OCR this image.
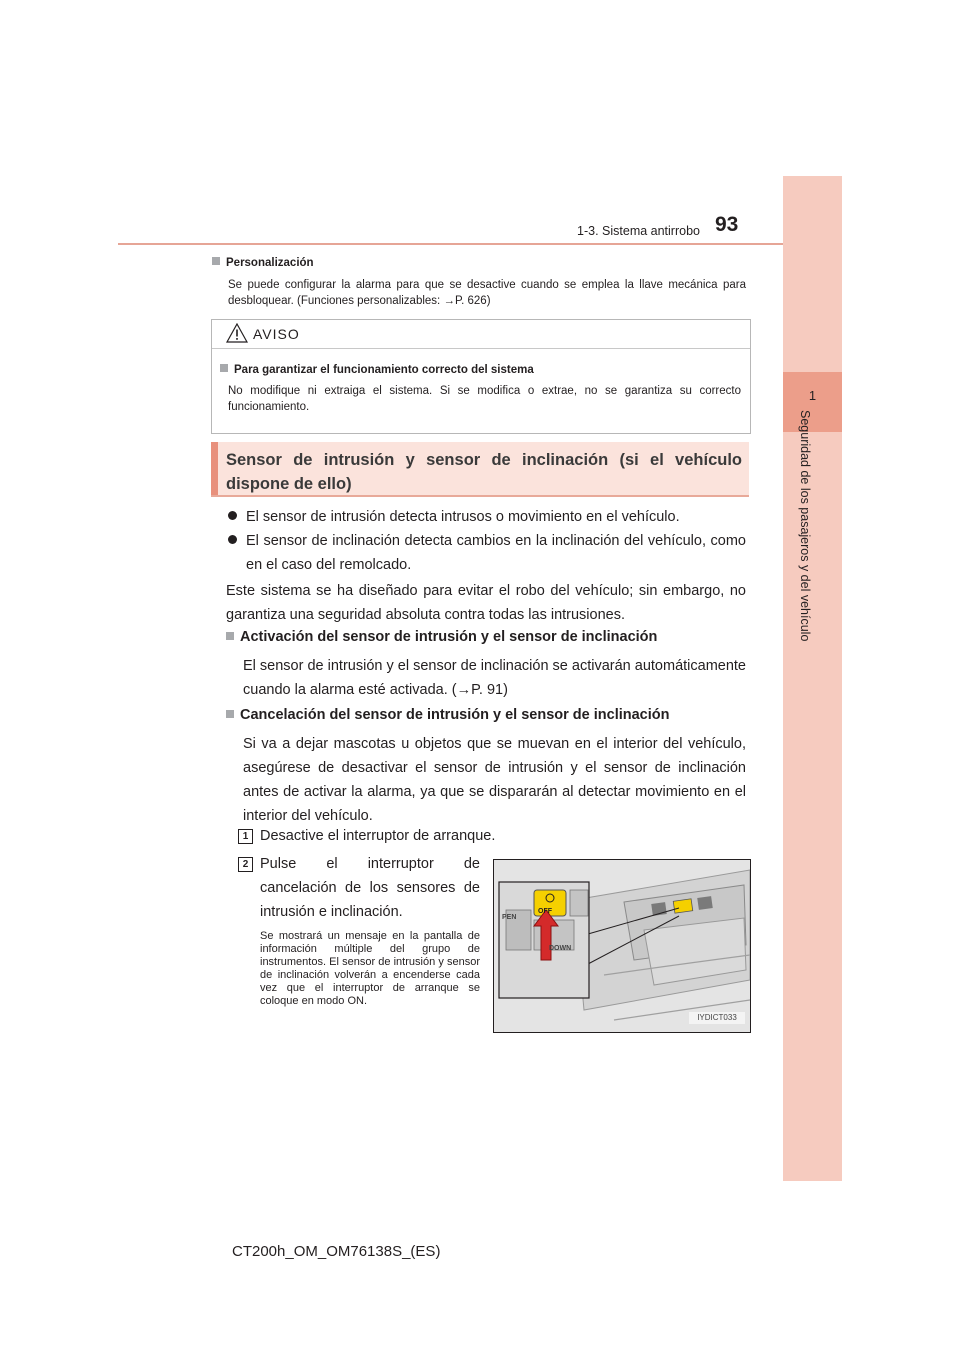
1-3. Sistema antirrobo 93
1
Seguridad de los pasajeros y del vehículo
Personalización
Se puede configurar la alarma para que se desactive cuando se emplea la llave mecánica para desbloquear. (Funciones personalizables: →P. 626)
AVISO
Para garantizar el funcionamiento correcto del sistema
No modifique ni extraiga el sistema. Si se modifica o extrae, no se garantiza su correcto funcionamiento.
Sensor de intrusión y sensor de inclinación (si el vehículo dispone de ello)
El sensor de intrusión detecta intrusos o movimiento en el vehículo.
El sensor de inclinación detecta cambios en la inclinación del vehículo, como en el caso del remolcado.
Este sistema se ha diseñado para evitar el robo del vehículo; sin embargo, no garantiza una seguridad absoluta contra todas las intrusiones.
Activación del sensor de intrusión y el sensor de inclinación
El sensor de intrusión y el sensor de inclinación se activarán automáticamente cuando la alarma esté activada. (→P. 91)
Cancelación del sensor de intrusión y el sensor de inclinación
Si va a dejar mascotas u objetos que se muevan en el interior del vehículo, asegúrese de desactivar el sensor de intrusión y el sensor de inclinación antes de activar la alarma, ya que se dispararán al detectar movimiento en el interior del vehículo.
1 Desactive el interruptor de arranque.
2 Pulse el interruptor de cancelación de los sensores de intrusión e inclinación.
Se mostrará un mensaje en la pantalla de información múltiple del grupo de instrumentos. El sensor de intrusión y sensor de inclinación volverán a encenderse cada vez que el interruptor de arranque se coloque en modo ON.
OFF
PEN
DOWN
IYDICT033
CT200h_OM_OM76138S_(ES)
